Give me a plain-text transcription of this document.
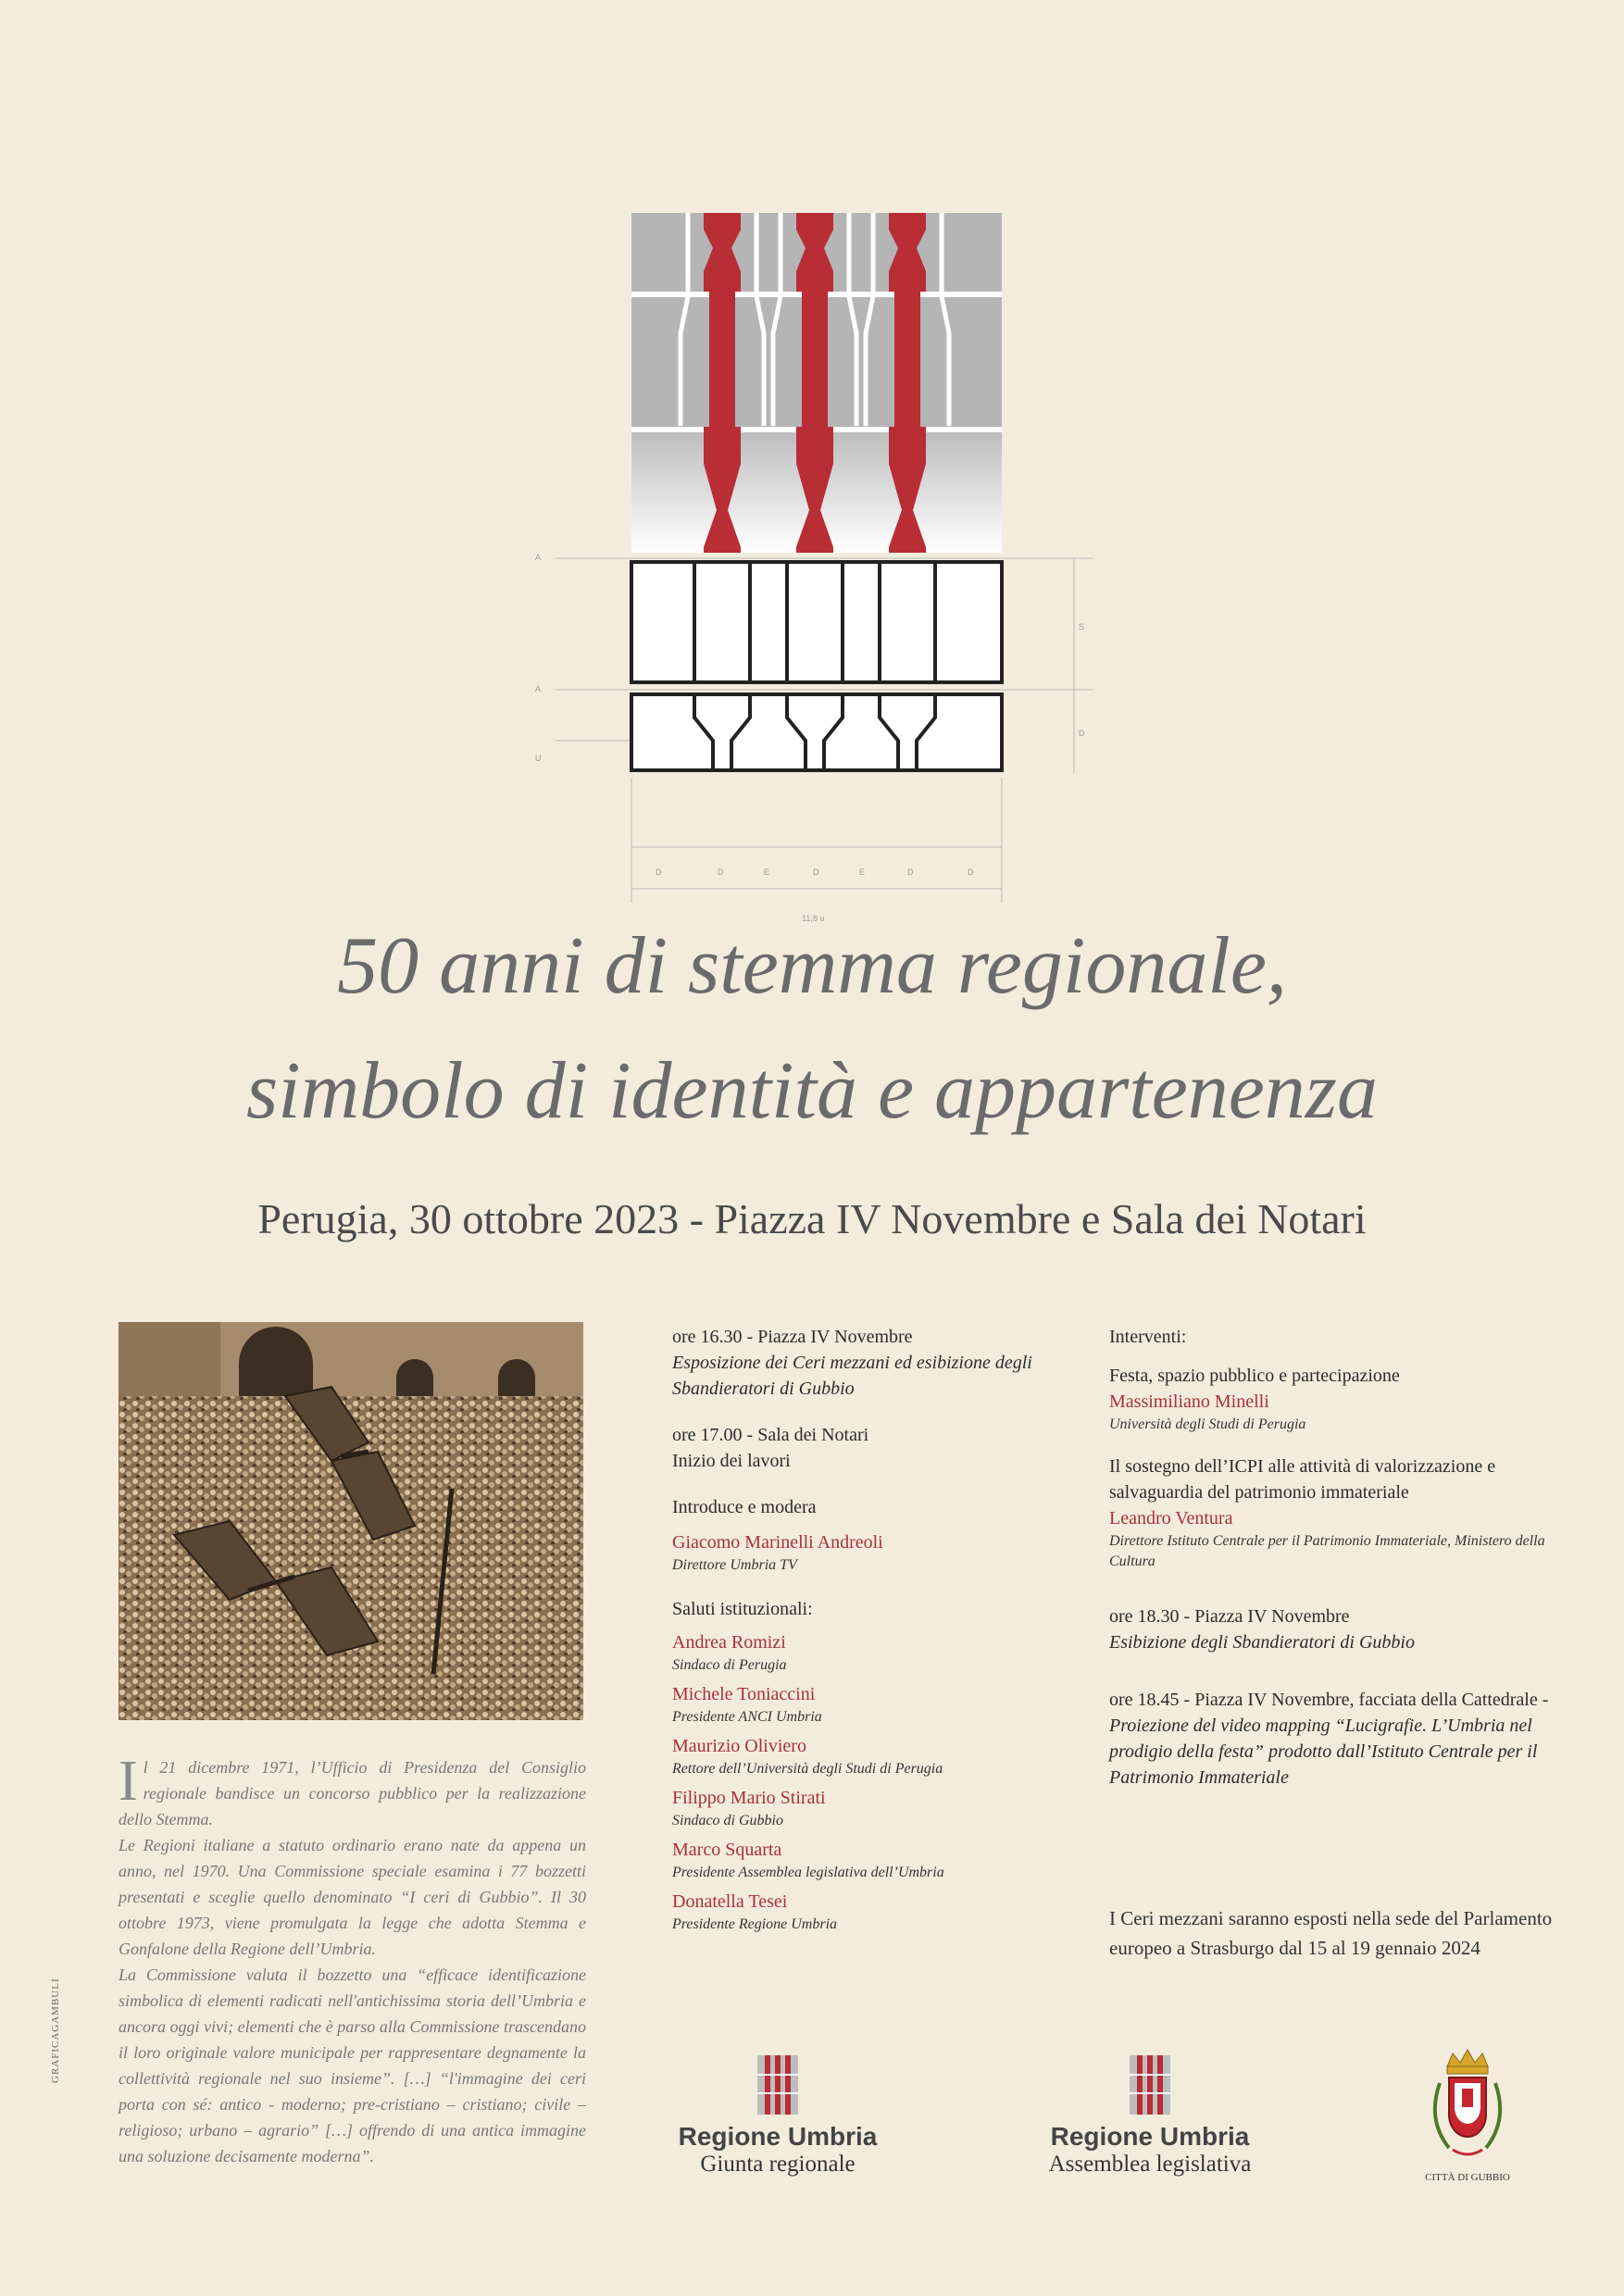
A
A
U
S
D
D	D	E	D	E	D	D
11,8 u
50 anni di stemma regionale,
simbolo di identità e appartenenza
Perugia, 30 ottobre 2023 - Piazza IV Novembre e Sala dei Notari
I l 21 dicembre 1971, l’Ufficio di Presidenza del Consiglio regionale bandisce un concorso pubblico per la realizzazione dello Stemma.

Le Regioni italiane a statuto ordinario erano nate da appena un anno, nel 1970. Una Commissione speciale esamina i 77 bozzetti presentati e sceglie quello denominato “I ceri di Gubbio”. Il 30 ottobre 1973, viene promulgata la legge che adotta Stemma e Gonfalone della Regione dell’Umbria.

La Commissione valuta il bozzetto una “efficace identificazione simbolica di elementi radicati nell'antichissima storia dell’Umbria e ancora oggi vivi; elementi che è parso alla Commissione trascendano il loro originale valore municipale per rappresentare degnamente la collettività regionale nel suo insieme”. […] “l'immagine dei ceri porta con sé: antico - moderno; pre-cristiano – cristiano; civile – religioso; urbano – agrario” […] offrendo di una antica immagine una soluzione decisamente moderna”.

GRAFICAGAMBULI
ore 16.30 - Piazza IV Novembre
Esposizione dei Ceri mezzani ed esibizione degli Sbandieratori di Gubbio
ore 17.00 - Sala dei Notari
Inizio dei lavori
Introduce e modera
Giacomo Marinelli Andreoli
Direttore Umbria TV
Saluti istituzionali:
Andrea Romizi
Sindaco di Perugia
Michele Toniaccini
Presidente ANCI Umbria
Maurizio Oliviero
Rettore dell’Università degli Studi di Perugia
Filippo Mario Stirati
Sindaco di Gubbio
Marco Squarta
Presidente Assemblea legislativa dell’Umbria
Donatella Tesei
Presidente Regione Umbria
Interventi:
Festa, spazio pubblico e partecipazione
Massimiliano Minelli
Università degli Studi di Perugia
Il sostegno dell’ICPI alle attività di valorizzazione e salvaguardia del patrimonio immateriale
Leandro Ventura
Direttore Istituto Centrale per il Patrimonio Immateriale, Ministero della Cultura
ore 18.30 - Piazza IV Novembre
Esibizione degli Sbandieratori di Gubbio
ore 18.45 - Piazza IV Novembre, facciata della Cattedrale - Proiezione del video mapping “Lucigrafie. L’Umbria nel prodigio della festa” prodotto dall’Istituto Centrale per il Patrimonio Immateriale
I Ceri mezzani saranno esposti nella sede del Parlamento europeo a Strasburgo dal 15 al 19 gennaio 2024
Regione Umbria
Giunta regionale
Regione Umbria
Assemblea legislativa
CITTÀ DI GUBBIO
